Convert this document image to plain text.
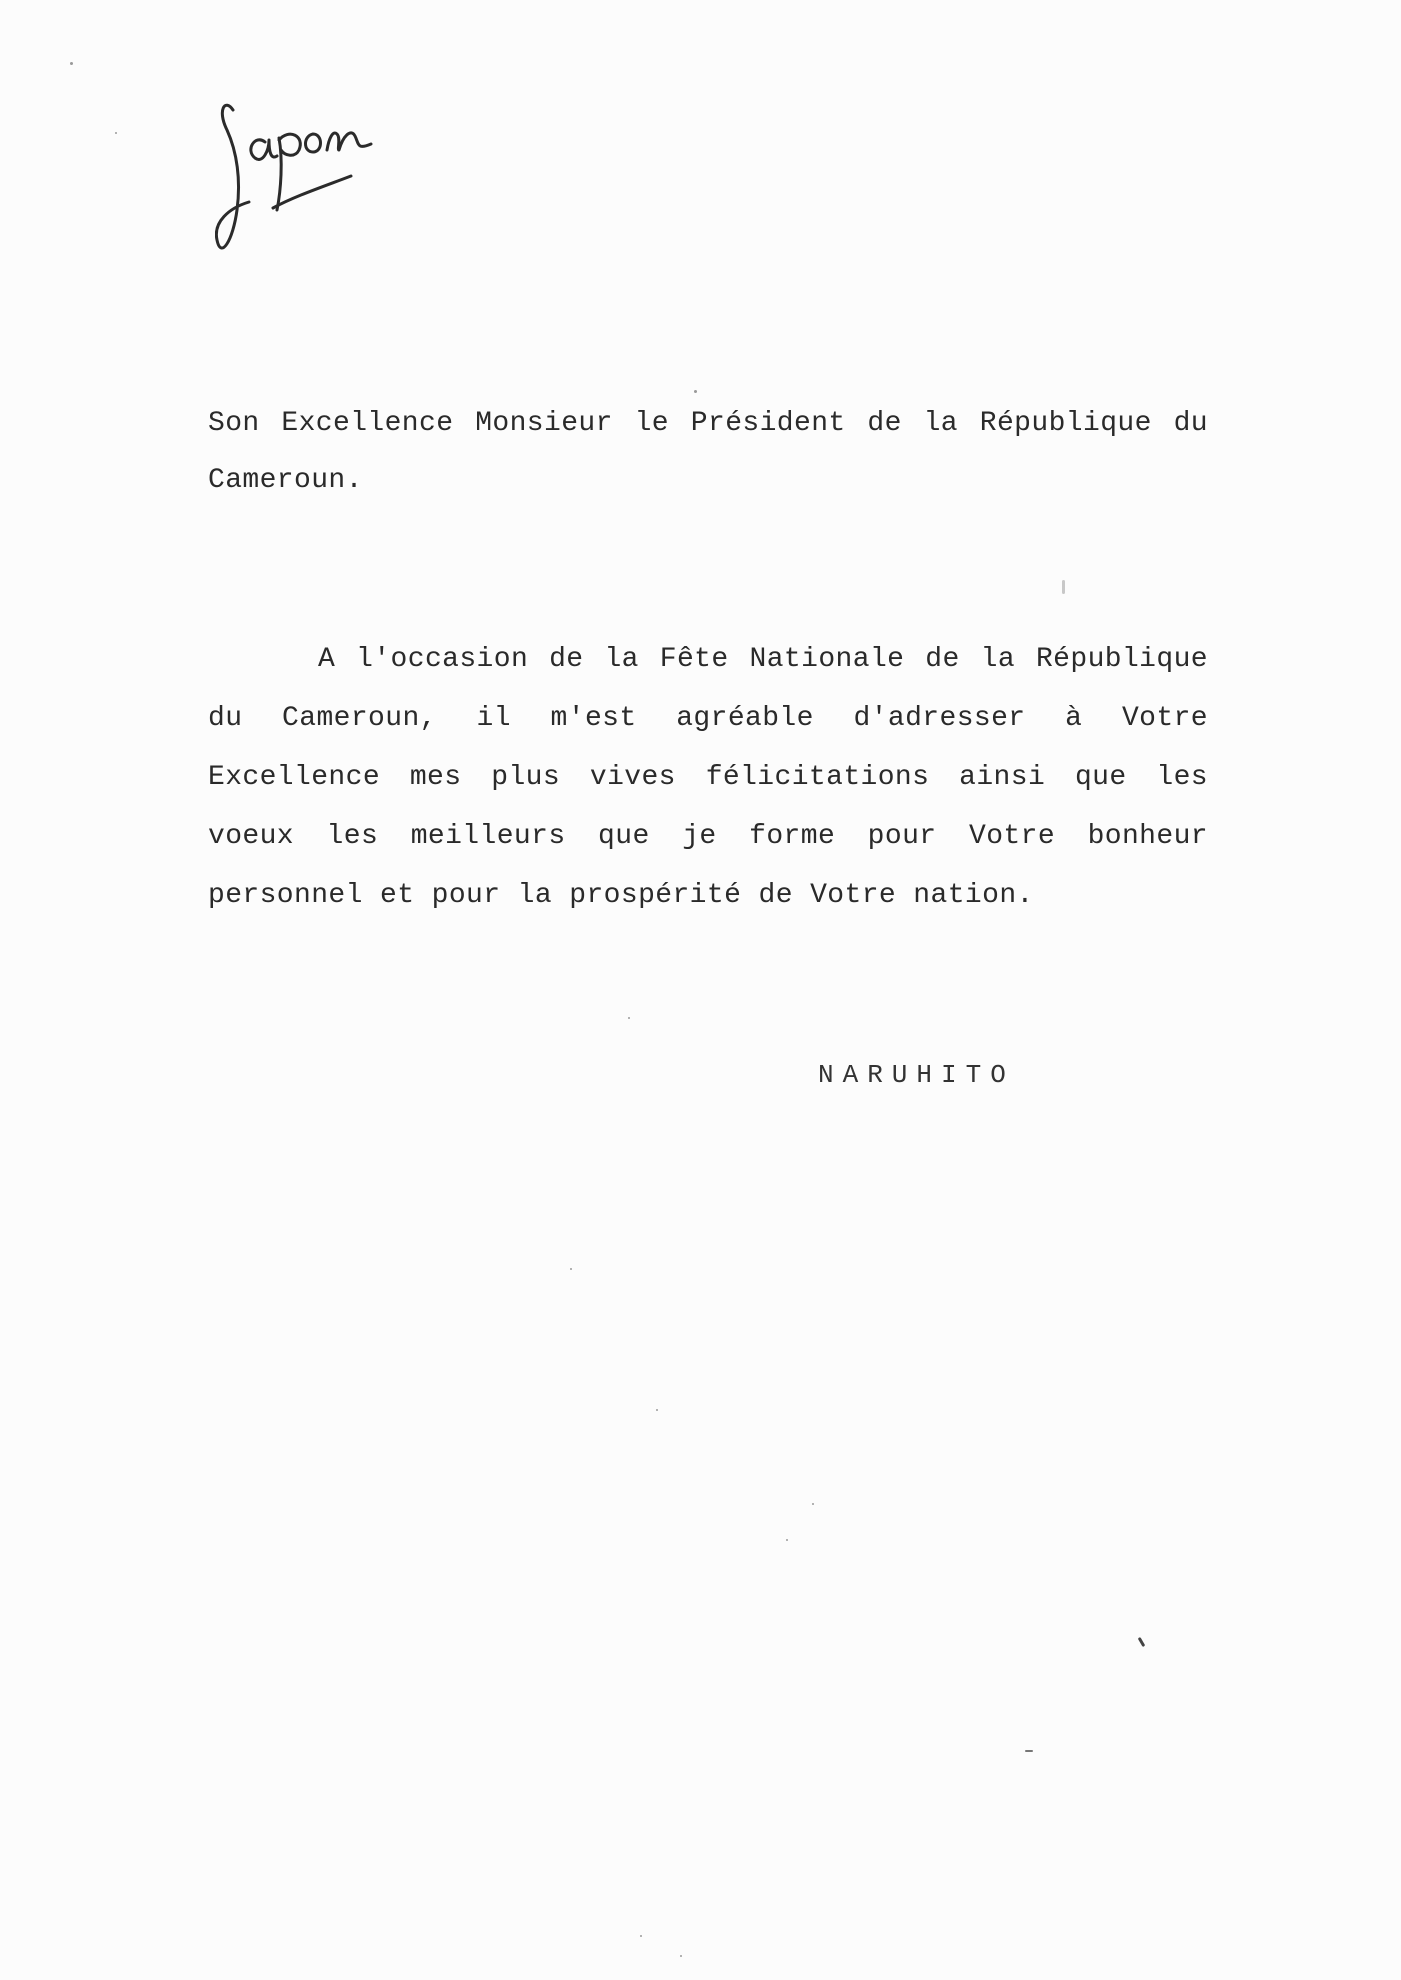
Son Excellence Monsieur le Président de la République du
Cameroun.

A l'occasion de la Fête Nationale de la République du Cameroun, il m'est agréable d'adresser à Votre Excellence mes plus vives félicitations ainsi que les voeux les meilleurs que je forme pour Votre bonheur personnel et pour la prospérité de Votre nation.

NARUHITO
